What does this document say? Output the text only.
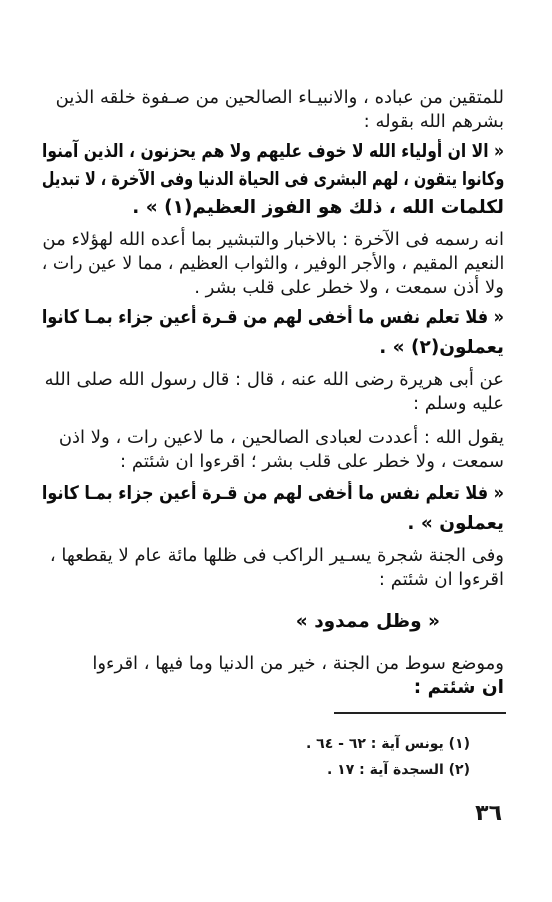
للمتقين من عباده ، والانبيـاء الصالحين من صـفوة خلقه الذين
بشرهم الله بقوله :
« الا ان أولياء الله لا خوف عليهم ولا هم يحزنون ، الذين آمنوا
وكانوا يتقون ، لهم البشرى فى الحياة الدنيا وفى الآخرة ، لا تبديل
لكلمات الله ، ذلك هو الفوز العظيم(١) » .
انه رسمه فى الآخرة : بالاخبار والتبشير بما أعده الله لهؤلاء من
النعيم المقيم ، والأجر الوفير ، والثواب العظيم ، مما لا عين رات ،
ولا أذن سمعت ، ولا خطر على قلب بشر .
« فلا تعلم نفس ما أخفى لهم من قـرة أعين جزاء بمـا كانوا
يعملون(٢) » .
عن أبى هريرة رضى الله عنه ، قال : قال رسول الله صلى الله
عليه وسلم :
يقول الله : أعددت لعبادى الصالحين ، ما لاعين رات ، ولا اذن
سمعت ، ولا خطر على قلب بشر ؛ اقرءوا ان شئتم :
« فلا تعلم نفس ما أخفى لهم من قـرة أعين جزاء بمـا كانوا
يعملون » .
وفى الجنة شجرة يسـير الراكب فى ظلها مائة عام لا يقطعها ،
اقرءوا ان شئتم :
« وظل ممدود »
وموضع سوط من الجنة ، خير من الدنيا وما فيها ، اقرءوا
ان شئتم :
(١) يونس آية : ٦٢ - ٦٤ .
(٢) السجدة آية : ١٧ .
٣٦
